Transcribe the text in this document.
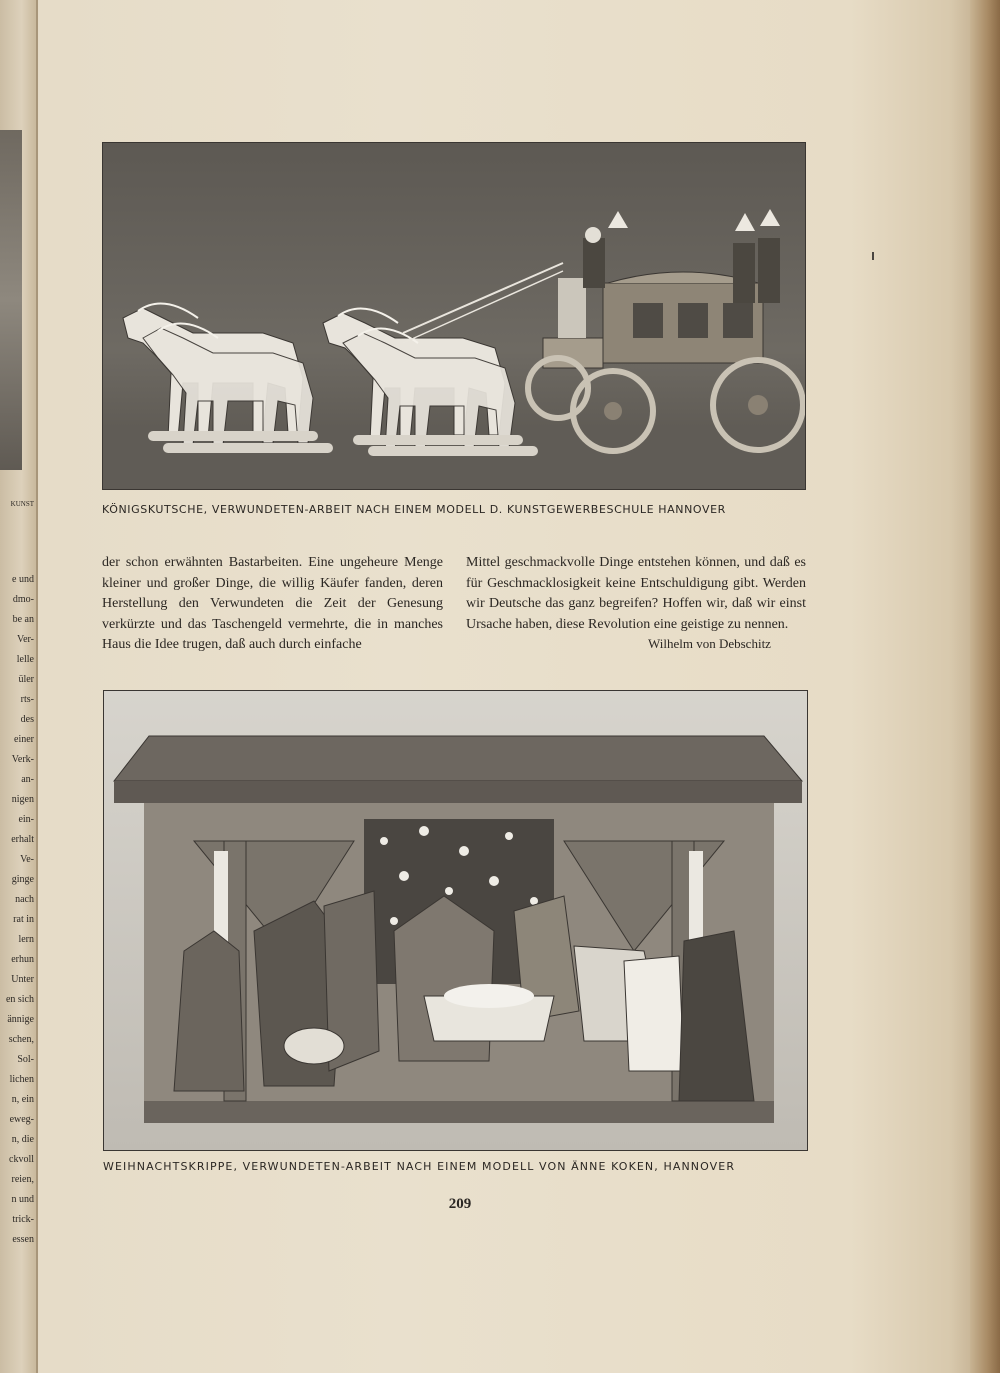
KUNST
e und
dmo-
be an
Ver-
lelle
üler
rts-
des
einer
Verk-
an-
nigen
ein-
erhalt
Ve-
ginge
nach
rat in
lern
erhun
Unter
en sich
ännige
schen,
Sol-
lichen
n, ein
eweg-
n, die
ckvoll
reien,
n und
trick-
essen
KÖNIGSKUTSCHE, VERWUNDETEN-ARBEIT NACH EINEM MODELL D. KUNSTGEWERBESCHULE HANNOVER

der schon erwähnten Bastarbeiten. Eine ungeheure Menge kleiner und großer Dinge, die willig Käufer fanden, deren Herstellung den Verwundeten die Zeit der Genesung verkürzte und das Taschengeld vermehrte, die in manches Haus die Idee trugen, daß auch durch einfache

Mittel geschmackvolle Dinge entstehen können, und daß es für Geschmacklosigkeit keine Entschuldigung gibt. Werden wir Deutsche das ganz begreifen? Hoffen wir, daß wir einst Ursache haben, diese Revolution eine geistige zu nennen.

Wilhelm von Debschitz
WEIHNACHTSKRIPPE, VERWUNDETEN-ARBEIT NACH EINEM MODELL VON ÄNNE KOKEN, HANNOVER
209
